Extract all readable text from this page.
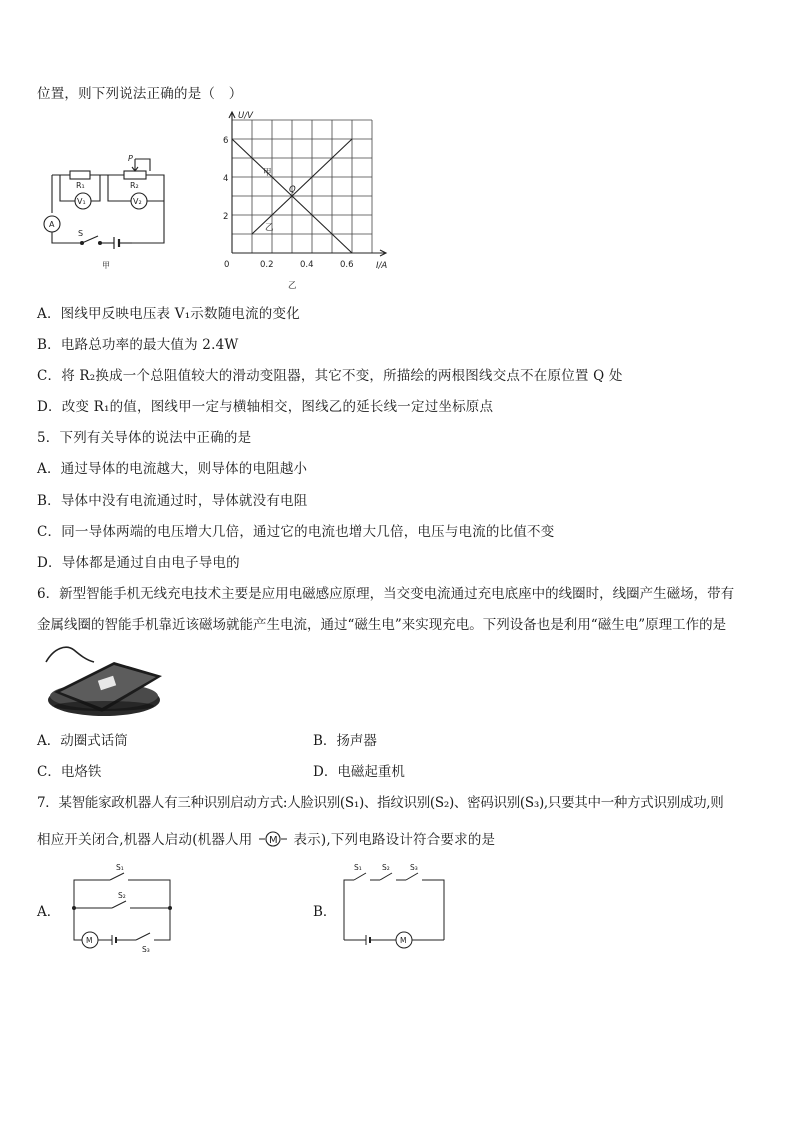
位置，则下列说法正确的是（　）
R₁	R₂
P
A
V₁	V₂
S
甲
U/V
I/A
0	0.2	0.4	0.6
2
4
6
甲
Q
乙
乙
A．图线甲反映电压表 V₁示数随电流的变化
B．电路总功率的最大值为 2.4W
C．将 R₂换成一个总阻值较大的滑动变阻器，其它不变，所描绘的两根图线交点不在原位置 Q 处
D．改变 R₁的值，图线甲一定与横轴相交，图线乙的延长线一定过坐标原点
5．下列有关导体的说法中正确的是
A．通过导体的电流越大，则导体的电阻越小
B．导体中没有电流通过时，导体就没有电阻
C．同一导体两端的电压增大几倍，通过它的电流也增大几倍，电压与电流的比值不变
D．导体都是通过自由电子导电的
6．新型智能手机无线充电技术主要是应用电磁感应原理，当交变电流通过充电底座中的线圈时，线圈产生磁场，带有
金属线圈的智能手机靠近该磁场就能产生电流，通过“磁生电”来实现充电。下列设备也是利用“磁生电”原理工作的是
A．动圈式话筒	B．扬声器
C．电烙铁	D．电磁起重机
7．某智能家政机器人有三种识别启动方式:人脸识别(S₁)、指纹识别(S₂)、密码识别(S₃),只要其中一种方式识别成功,则
相应开关闭合,机器人启动(机器人用 M 表示),下列电路设计符合要求的是
A．
M
S₁
S₂
S₃
B．
S₁	S₂	S₃
M
